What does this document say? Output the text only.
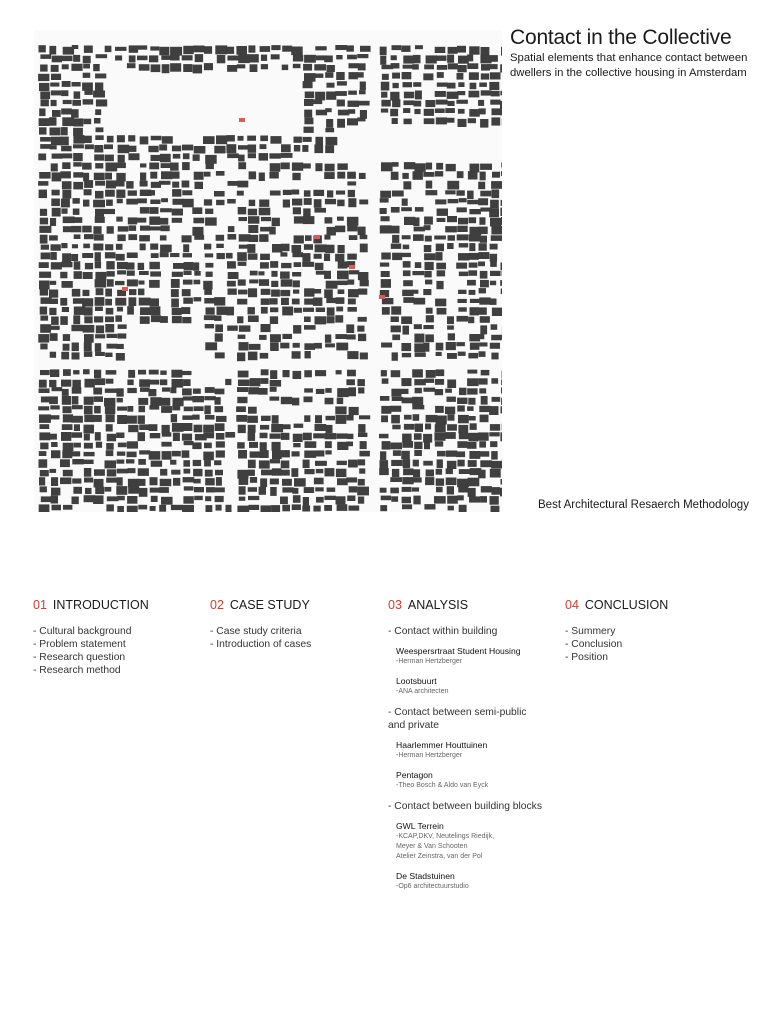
Contact in the Collective
Spatial elements that enhance contact between dwellers in the collective housing in Amsterdam
Best Architectural Resaerch Methodology
01 INTRODUCTION
- Cultural background
- Problem statement
- Research question
- Research method
02 CASE STUDY
- Case study criteria
- Introduction of cases
03 ANALYSIS
- Contact within building
Weespersrtraat Student Housing
-Herman Hertzberger
Lootsbuurt
-ANA architecten
- Contact between semi-public
and private
Haarlemmer Houttuinen
-Herman Hertzberger
Pentagon
-Theo Bosch & Aldo van Eyck
- Contact between building blocks
GWL Terrein
-KCAP,DKV, Neutelings Riedijk,
Meyer & Van Schooten
Atelier Zeinstra, van der Pol
De Stadstuinen
-Op6 architectuurstudio
04 CONCLUSION
- Summery
- Conclusion
- Position
